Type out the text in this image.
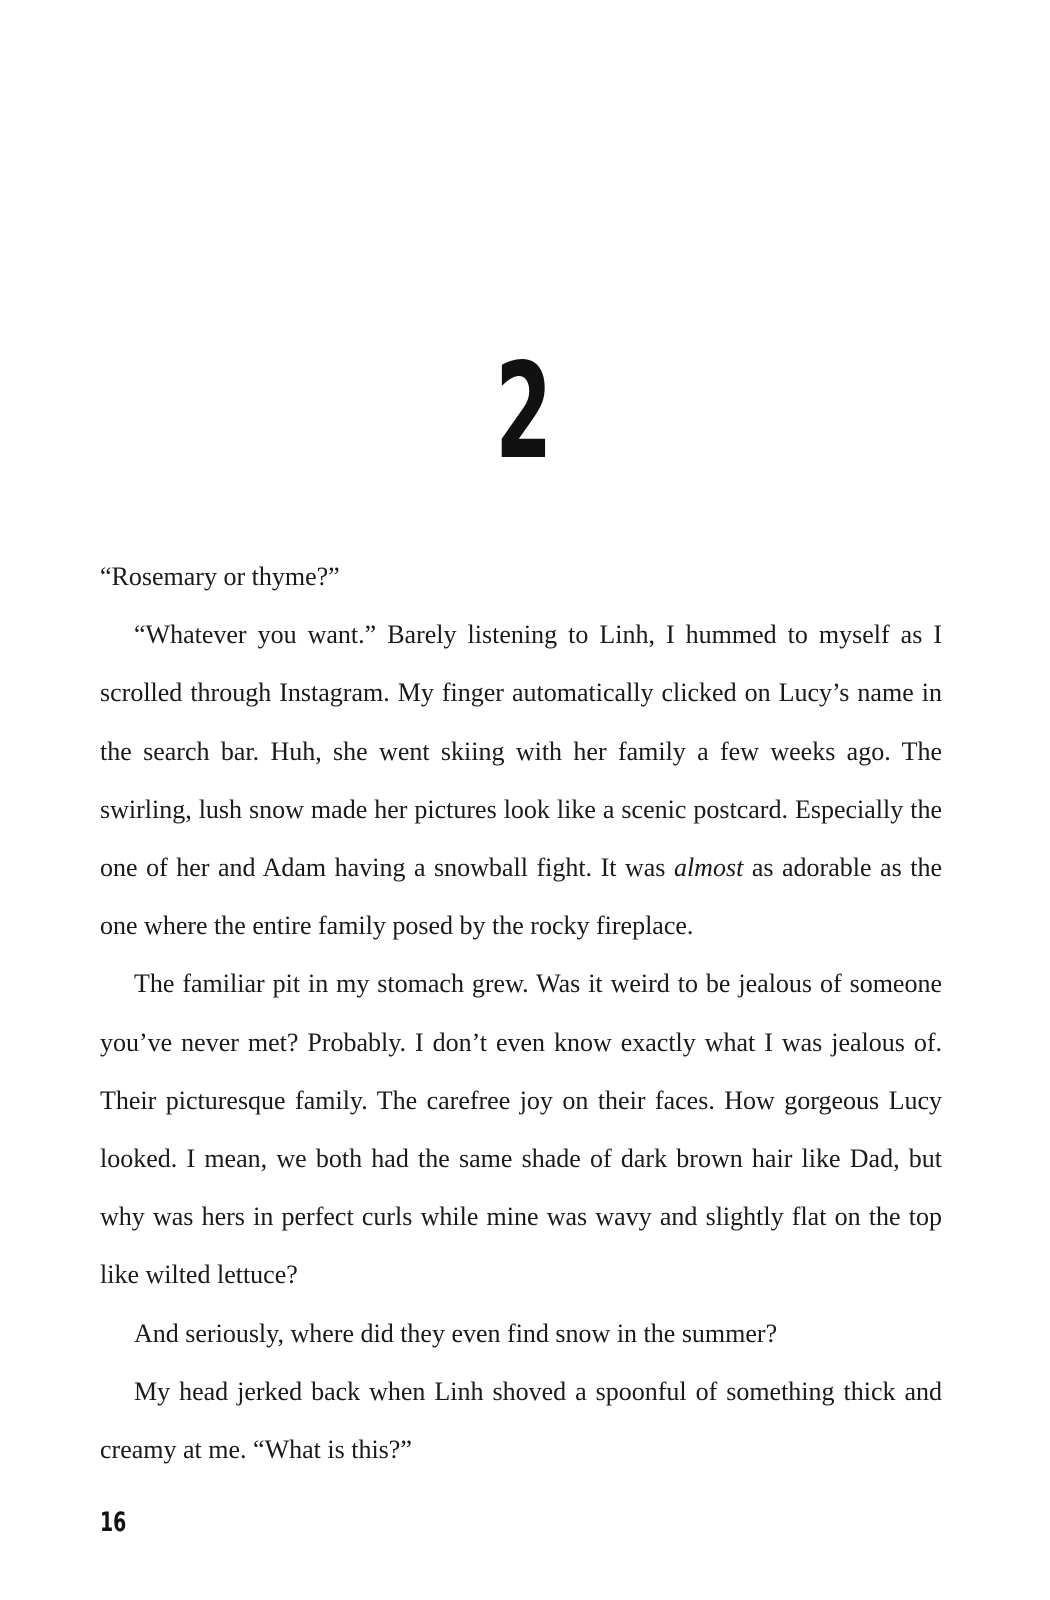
2

“Rosemary or thyme?”

“Whatever you want.” Barely listening to Linh, I hummed to myself as I scrolled through Instagram. My finger automatically clicked on Lucy’s name in the search bar. Huh, she went skiing with her family a few weeks ago. The swirling, lush snow made her pictures look like a scenic postcard. Especially the one of her and Adam having a snowball fight. It was almost as adorable as the one where the entire family posed by the rocky fireplace.

The familiar pit in my stomach grew. Was it weird to be jealous of someone you’ve never met? Probably. I don’t even know exactly what I was jealous of. Their picturesque family. The carefree joy on their faces. How gorgeous Lucy looked. I mean, we both had the same shade of dark brown hair like Dad, but why was hers in perfect curls while mine was wavy and slightly flat on the top like wilted lettuce?

And seriously, where did they even find snow in the summer?

My head jerked back when Linh shoved a spoonful of something thick and creamy at me. “What is this?”

16
